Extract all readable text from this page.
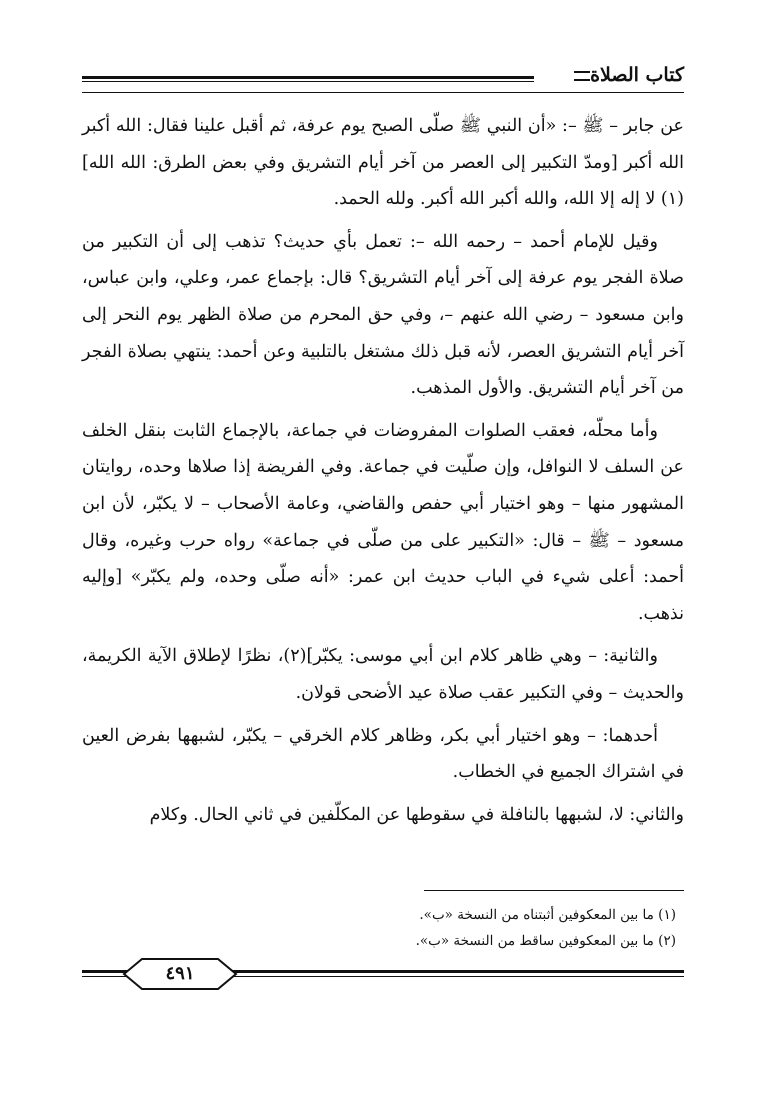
كتاب الصلاة

عن جابر – ﷺ –: «أن النبي ﷺ صلّى الصبح يوم عرفة، ثم أقبل علينا فقال: الله أكبر الله أكبر [ومدّ التكبير إلى العصر من آخر أيام التشريق وفي بعض الطرق: الله الله](١) لا إله إلا الله، والله أكبر الله أكبر. ولله الحمد.

وقيل للإمام أحمد – رحمه الله –: تعمل بأي حديث؟ تذهب إلى أن التكبير من صلاة الفجر يوم عرفة إلى آخر أيام التشريق؟ قال: بإجماع عمر، وعلي، وابن عباس، وابن مسعود – رضي الله عنهم –، وفي حق المحرم من صلاة الظهر يوم النحر إلى آخر أيام التشريق العصر، لأنه قبل ذلك مشتغل بالتلبية وعن أحمد: ينتهي بصلاة الفجر من آخر أيام التشريق. والأول المذهب.

وأما محلّه، فعقب الصلوات المفروضات في جماعة، بالإجماع الثابت بنقل الخلف عن السلف لا النوافل، وإن صلّيت في جماعة. وفي الفريضة إذا صلاها وحده، روايتان المشهور منها – وهو اختيار أبي حفص والقاضي، وعامة الأصحاب – لا يكبّر، لأن ابن مسعود – ﷺ – قال: «التكبير على من صلّى في جماعة» رواه حرب وغيره، وقال أحمد: أعلى شيء في الباب حديث ابن عمر: «أنه صلّى وحده، ولم يكبّر» [وإليه نذهب.

والثانية: – وهي ظاهر كلام ابن أبي موسى: يكبّر](٢)، نظرًا لإطلاق الآية الكريمة، والحديث – وفي التكبير عقب صلاة عيد الأضحى قولان.

أحدهما: – وهو اختيار أبي بكر، وظاهر كلام الخرقي – يكبّر، لشبهها بفرض العين في اشتراك الجميع في الخطاب.

والثاني: لا، لشبهها بالنافلة في سقوطها عن المكلّفين في ثاني الحال. وكلام

(١) ما بين المعكوفين أثبتناه من النسخة «ب».
(٢) ما بين المعكوفين ساقط من النسخة «ب».
٤٩١
